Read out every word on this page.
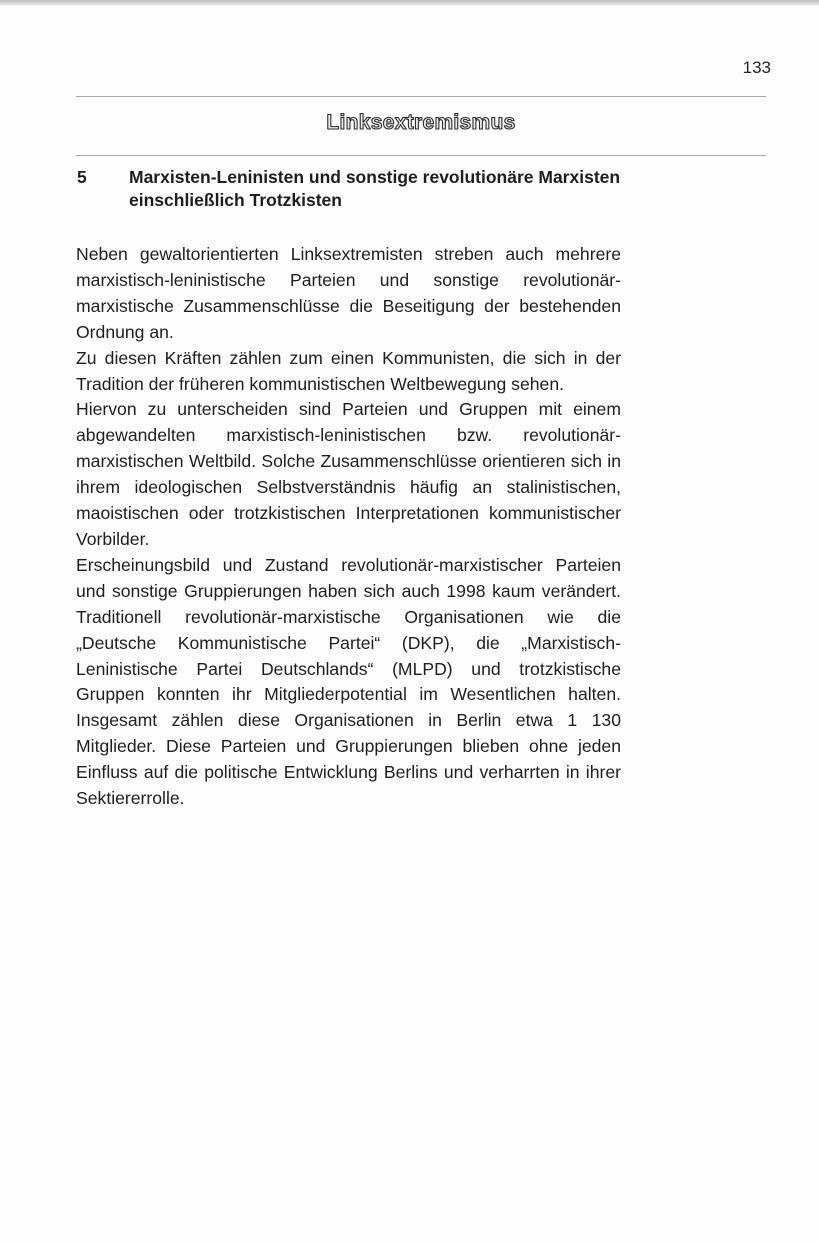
133
Linksextremismus
5	Marxisten-Leninisten und sonstige revolutionäre Marxisten einschließlich Trotzkisten

Neben gewaltorientierten Linksextremisten streben auch mehrere marxistisch-leninistische Parteien und sonstige revolutionär-marxistische Zusammenschlüsse die Beseitigung der bestehenden Ordnung an.

Zu diesen Kräften zählen zum einen Kommunisten, die sich in der Tradition der früheren kommunistischen Weltbewegung sehen.

Hiervon zu unterscheiden sind Parteien und Gruppen mit einem abgewandelten marxistisch-leninistischen bzw. revolutionär-marxistischen Weltbild. Solche Zusammenschlüsse orientieren sich in ihrem ideologischen Selbstverständnis häufig an stalinistischen, maoistischen oder trotzkistischen Interpretationen kommunistischer Vorbilder.

Erscheinungsbild und Zustand revolutionär-marxistischer Parteien und sonstige Gruppierungen haben sich auch 1998 kaum verändert. Traditionell revolutionär-marxistische Organisationen wie die „Deutsche Kommunistische Partei“ (DKP), die „Marxistisch-Leninistische Partei Deutschlands“ (MLPD) und trotzkistische Gruppen konnten ihr Mitgliederpotential im Wesentlichen halten. Insgesamt zählen diese Organisationen in Berlin etwa 1 130 Mitglieder. Diese Parteien und Gruppierungen blieben ohne jeden Einfluss auf die politische Entwicklung Berlins und verharrten in ihrer Sektiererrolle.
